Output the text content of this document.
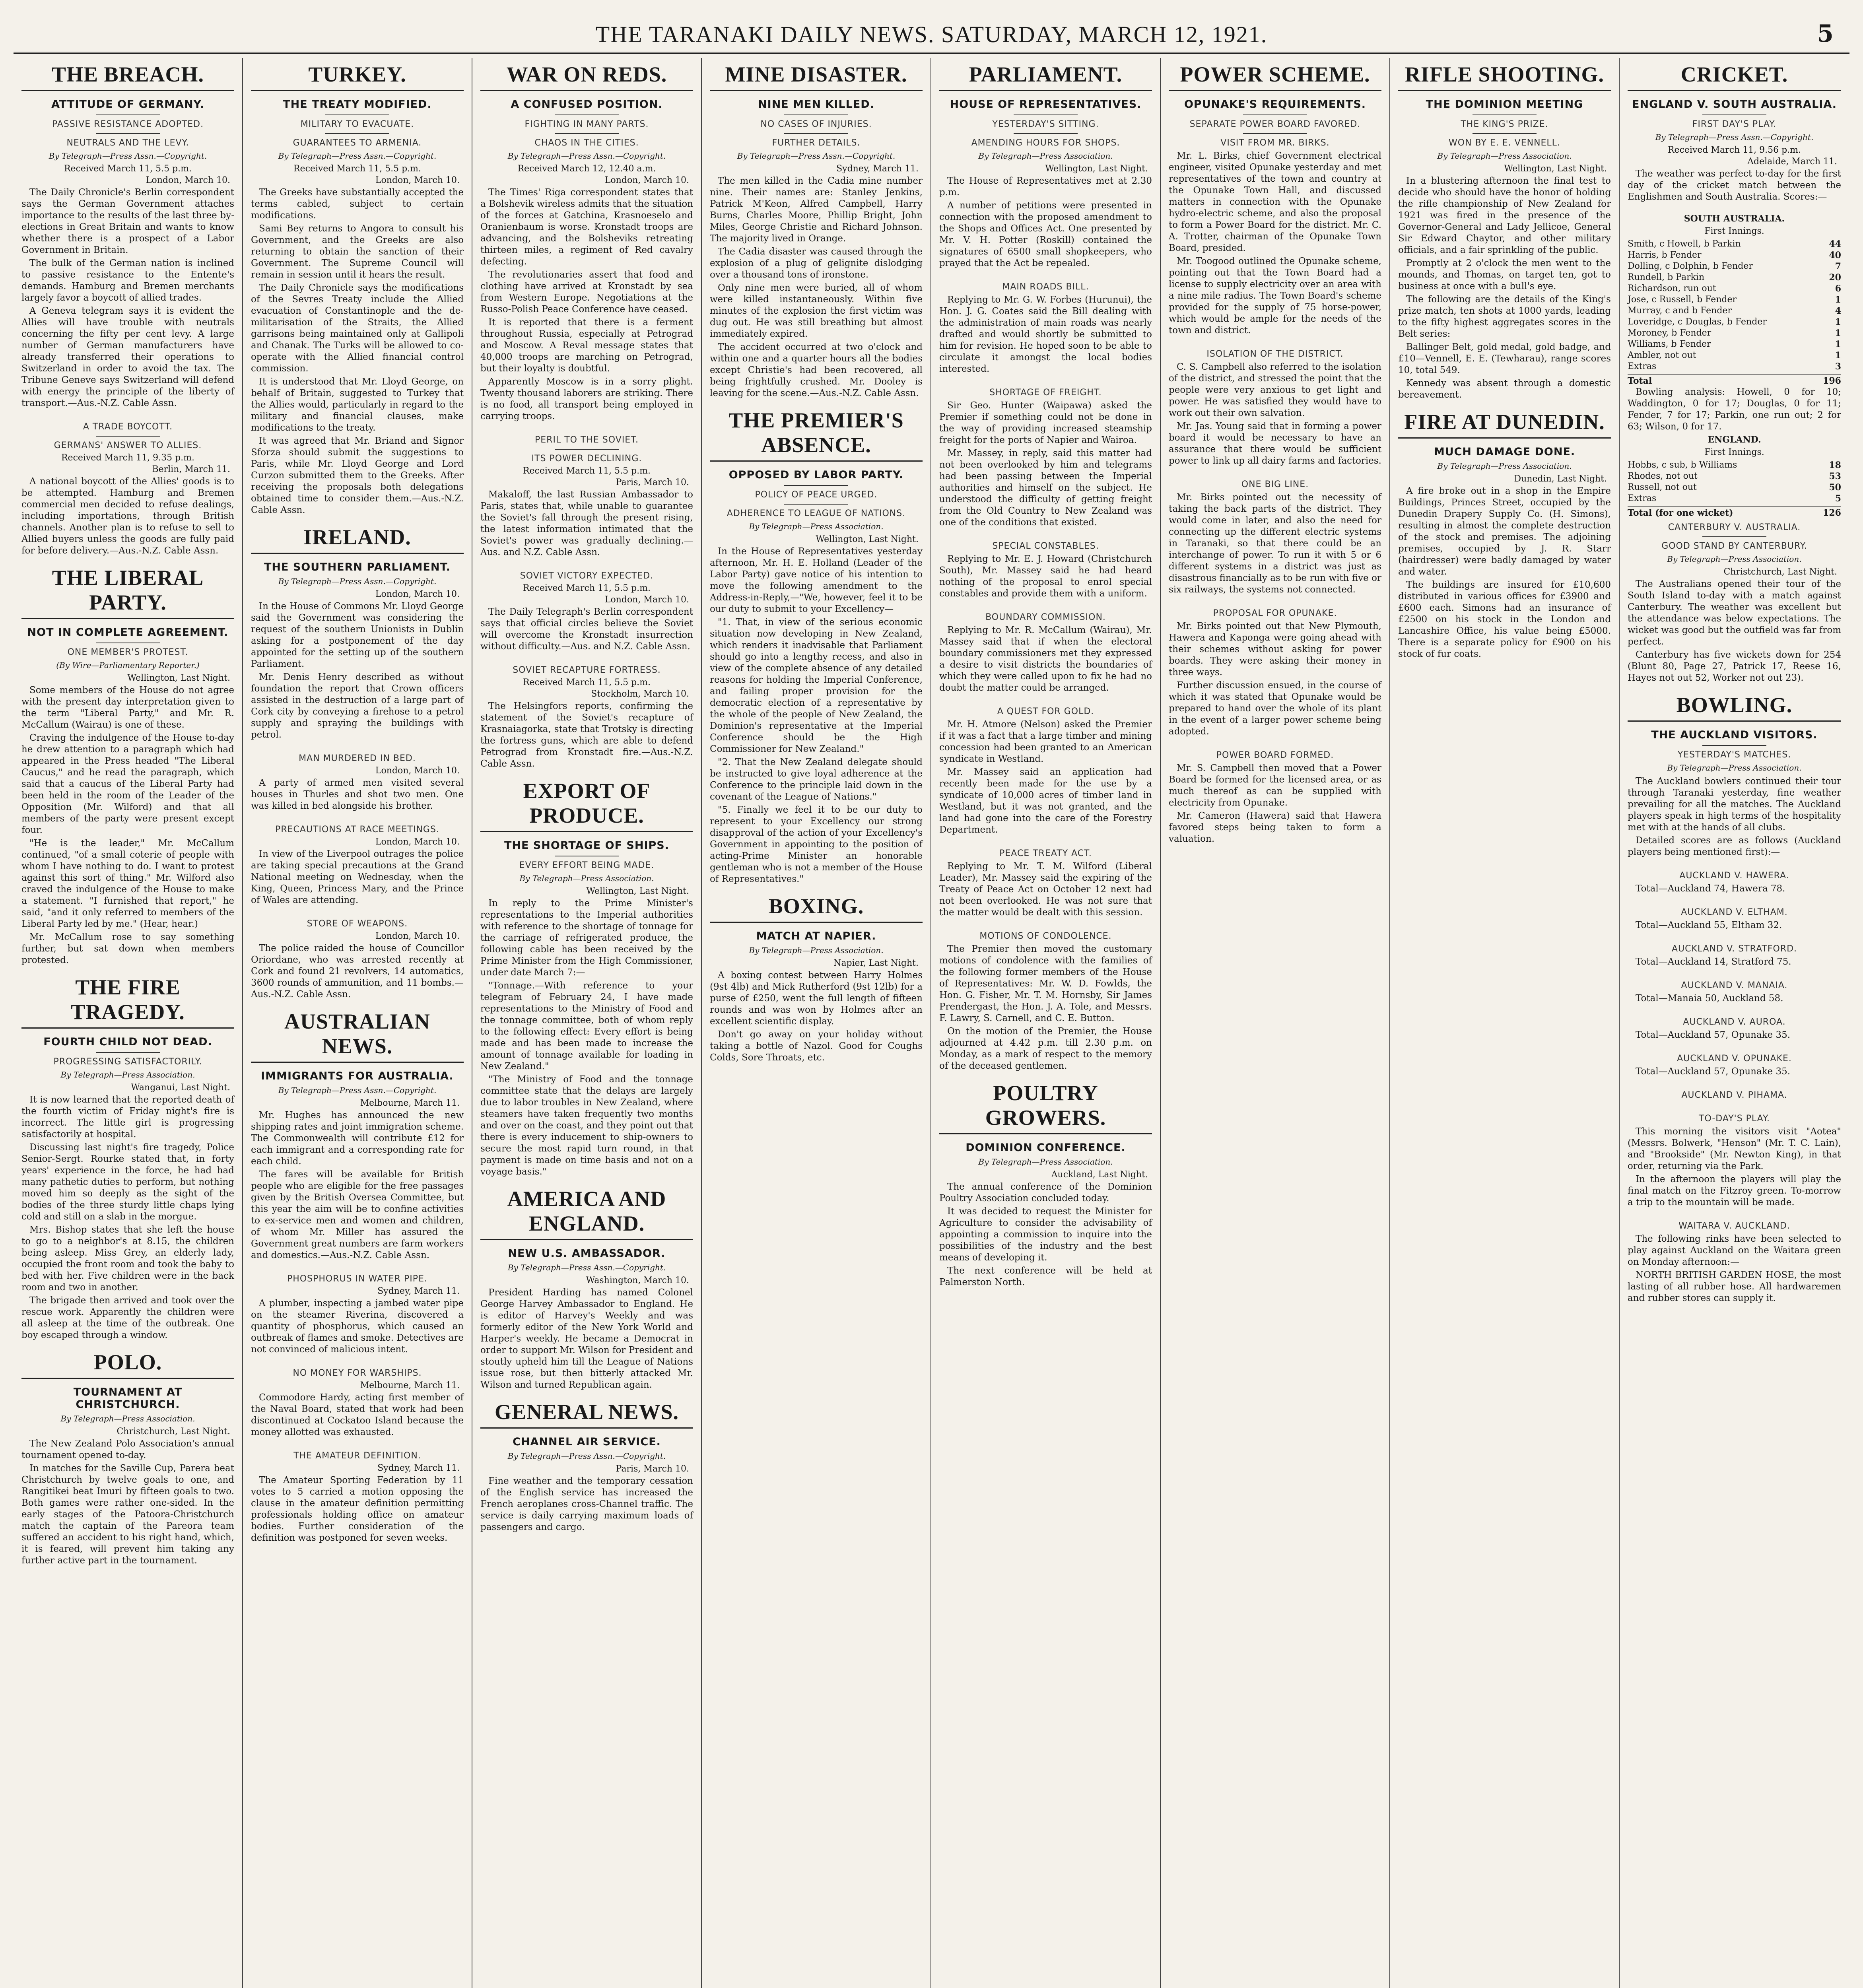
THE TARANAKI DAILY NEWS. SATURDAY, MARCH 12, 1921.	5
THE BREACH.
ATTITUDE OF GERMANY.
PASSIVE RESISTANCE ADOPTED.
NEUTRALS AND THE LEVY.
By Telegraph—Press Assn.—Copyright.
Received March 11, 5.5 p.m.
London, March 10.

The Daily Chronicle's Berlin correspondent says the German Government attaches importance to the results of the last three by-elections in Great Britain and wants to know whether there is a prospect of a Labor Government in Britain.

The bulk of the German nation is inclined to passive resistance to the Entente's demands. Hamburg and Bremen merchants largely favor a boycott of allied trades.

A Geneva telegram says it is evident the Allies will have trouble with neutrals concerning the fifty per cent levy. A large number of German manufacturers have already transferred their operations to Switzerland in order to avoid the tax. The Tribune Geneve says Switzerland will defend with energy the principle of the liberty of transport.—Aus.-N.Z. Cable Assn.

A TRADE BOYCOTT.
GERMANS' ANSWER TO ALLIES.
Received March 11, 9.35 p.m.
Berlin, March 11.

A national boycott of the Allies' goods is to be attempted. Hamburg and Bremen commercial men decided to refuse dealings, including importations, through British channels. Another plan is to refuse to sell to Allied buyers unless the goods are fully paid for before delivery.—Aus.-N.Z. Cable Assn.

THE LIBERAL PARTY.
NOT IN COMPLETE AGREEMENT.
ONE MEMBER'S PROTEST.
(By Wire—Parliamentary Reporter.)
Wellington, Last Night.

Some members of the House do not agree with the present day interpretation given to the term "Liberal Party," and Mr. R. McCallum (Wairau) is one of these.

Craving the indulgence of the House to-day he drew attention to a paragraph which had appeared in the Press headed "The Liberal Caucus," and he read the paragraph, which said that a caucus of the Liberal Party had been held in the room of the Leader of the Opposition (Mr. Wilford) and that all members of the party were present except four.

"He is the leader," Mr. McCallum continued, "of a small coterie of people with whom I have nothing to do. I want to protest against this sort of thing." Mr. Wilford also craved the indulgence of the House to make a statement. "I furnished that report," he said, "and it only referred to members of the Liberal Party led by me." (Hear, hear.)

Mr. McCallum rose to say something further, but sat down when members protested.

THE FIRE TRAGEDY.
FOURTH CHILD NOT DEAD.
PROGRESSING SATISFACTORILY.
By Telegraph—Press Association.
Wanganui, Last Night.

It is now learned that the reported death of the fourth victim of Friday night's fire is incorrect. The little girl is progressing satisfactorily at hospital.

Discussing last night's fire tragedy, Police Senior-Sergt. Rourke stated that, in forty years' experience in the force, he had had many pathetic duties to perform, but nothing moved him so deeply as the sight of the bodies of the three sturdy little chaps lying cold and still on a slab in the morgue.

Mrs. Bishop states that she left the house to go to a neighbor's at 8.15, the children being asleep. Miss Grey, an elderly lady, occupied the front room and took the baby to bed with her. Five children were in the back room and two in another.

The brigade then arrived and took over the rescue work. Apparently the children were all asleep at the time of the outbreak. One boy escaped through a window.

POLO.
TOURNAMENT AT CHRISTCHURCH.
By Telegraph—Press Association.
Christchurch, Last Night.

The New Zealand Polo Association's annual tournament opened to-day.

In matches for the Saville Cup, Parera beat Christchurch by twelve goals to one, and Rangitikei beat Imuri by fifteen goals to two. Both games were rather one-sided. In the early stages of the Patoora-Christchurch match the captain of the Pareora team suffered an accident to his right hand, which, it is feared, will prevent him taking any further active part in the tournament.

TURKEY.
THE TREATY MODIFIED.
MILITARY TO EVACUATE.
GUARANTEES TO ARMENIA.
By Telegraph—Press Assn.—Copyright.
Received March 11, 5.5 p.m.
London, March 10.

The Greeks have substantially accepted the terms cabled, subject to certain modifications.

Sami Bey returns to Angora to consult his Government, and the Greeks are also returning to obtain the sanction of their Government. The Supreme Council will remain in session until it hears the result.

The Daily Chronicle says the modifications of the Sevres Treaty include the Allied evacuation of Constantinople and the de-militarisation of the Straits, the Allied garrisons being maintained only at Gallipoli and Chanak. The Turks will be allowed to co-operate with the Allied financial control commission.

It is understood that Mr. Lloyd George, on behalf of Britain, suggested to Turkey that the Allies would, particularly in regard to the military and financial clauses, make modifications to the treaty.

It was agreed that Mr. Briand and Signor Sforza should submit the suggestions to Paris, while Mr. Lloyd George and Lord Curzon submitted them to the Greeks. After receiving the proposals both delegations obtained time to consider them.—Aus.-N.Z. Cable Assn.

IRELAND.
THE SOUTHERN PARLIAMENT.
By Telegraph—Press Assn.—Copyright.
London, March 10.

In the House of Commons Mr. Lloyd George said the Government was considering the request of the southern Unionists in Dublin asking for a postponement of the day appointed for the setting up of the southern Parliament.

Mr. Denis Henry described as without foundation the report that Crown officers assisted in the destruction of a large part of Cork city by conveying a firehose to a petrol supply and spraying the buildings with petrol.

MAN MURDERED IN BED.
London, March 10.

A party of armed men visited several houses in Thurles and shot two men. One was killed in bed alongside his brother.

PRECAUTIONS AT RACE MEETINGS.
London, March 10.

In view of the Liverpool outrages the police are taking special precautions at the Grand National meeting on Wednesday, when the King, Queen, Princess Mary, and the Prince of Wales are attending.

STORE OF WEAPONS.
London, March 10.

The police raided the house of Councillor Oriordane, who was arrested recently at Cork and found 21 revolvers, 14 automatics, 3600 rounds of ammunition, and 11 bombs.—Aus.-N.Z. Cable Assn.

AUSTRALIAN NEWS.
IMMIGRANTS FOR AUSTRALIA.
By Telegraph—Press Assn.—Copyright.
Melbourne, March 11.

Mr. Hughes has announced the new shipping rates and joint immigration scheme. The Commonwealth will contribute £12 for each immigrant and a corresponding rate for each child.

The fares will be available for British people who are eligible for the free passages given by the British Oversea Committee, but this year the aim will be to confine activities to ex-service men and women and children, of whom Mr. Miller has assured the Government great numbers are farm workers and domestics.—Aus.-N.Z. Cable Assn.

PHOSPHORUS IN WATER PIPE.
Sydney, March 11.

A plumber, inspecting a jambed water pipe on the steamer Riverina, discovered a quantity of phosphorus, which caused an outbreak of flames and smoke. Detectives are not convinced of malicious intent.

NO MONEY FOR WARSHIPS.
Melbourne, March 11.

Commodore Hardy, acting first member of the Naval Board, stated that work had been discontinued at Cockatoo Island because the money allotted was exhausted.

THE AMATEUR DEFINITION.
Sydney, March 11.

The Amateur Sporting Federation by 11 votes to 5 carried a motion opposing the clause in the amateur definition permitting professionals holding office on amateur bodies. Further consideration of the definition was postponed for seven weeks.

WAR ON REDS.
A CONFUSED POSITION.
FIGHTING IN MANY PARTS.
CHAOS IN THE CITIES.
By Telegraph—Press Assn.—Copyright.
Received March 12, 12.40 a.m.
London, March 10.

The Times' Riga correspondent states that a Bolshevik wireless admits that the situation of the forces at Gatchina, Krasnoeselo and Oranienbaum is worse. Kronstadt troops are advancing, and the Bolsheviks retreating thirteen miles, a regiment of Red cavalry defecting.

The revolutionaries assert that food and clothing have arrived at Kronstadt by sea from Western Europe. Negotiations at the Russo-Polish Peace Conference have ceased.

It is reported that there is a ferment throughout Russia, especially at Petrograd and Moscow. A Reval message states that 40,000 troops are marching on Petrograd, but their loyalty is doubtful.

Apparently Moscow is in a sorry plight. Twenty thousand laborers are striking. There is no food, all transport being employed in carrying troops.

PERIL TO THE SOVIET.
ITS POWER DECLINING.
Received March 11, 5.5 p.m.
Paris, March 10.

Makaloff, the last Russian Ambassador to Paris, states that, while unable to guarantee the Soviet's fall through the present rising, the latest information intimated that the Soviet's power was gradually declining.—Aus. and N.Z. Cable Assn.

SOVIET VICTORY EXPECTED.
Received March 11, 5.5 p.m.
London, March 10.

The Daily Telegraph's Berlin correspondent says that official circles believe the Soviet will overcome the Kronstadt insurrection without difficulty.—Aus. and N.Z. Cable Assn.

SOVIET RECAPTURE FORTRESS.
Received March 11, 5.5 p.m.
Stockholm, March 10.

The Helsingfors reports, confirming the statement of the Soviet's recapture of Krasnaiagorka, state that Trotsky is directing the fortress guns, which are able to defend Petrograd from Kronstadt fire.—Aus.-N.Z. Cable Assn.

EXPORT OF PRODUCE.
THE SHORTAGE OF SHIPS.
EVERY EFFORT BEING MADE.
By Telegraph—Press Association.
Wellington, Last Night.

In reply to the Prime Minister's representations to the Imperial authorities with reference to the shortage of tonnage for the carriage of refrigerated produce, the following cable has been received by the Prime Minister from the High Commissioner, under date March 7:—

"Tonnage.—With reference to your telegram of February 24, I have made representations to the Ministry of Food and the tonnage committee, both of whom reply to the following effect: Every effort is being made and has been made to increase the amount of tonnage available for loading in New Zealand."

"The Ministry of Food and the tonnage committee state that the delays are largely due to labor troubles in New Zealand, where steamers have taken frequently two months and over on the coast, and they point out that there is every inducement to ship-owners to secure the most rapid turn round, in that payment is made on time basis and not on a voyage basis."

AMERICA AND ENGLAND.
NEW U.S. AMBASSADOR.
By Telegraph—Press Assn.—Copyright.
Washington, March 10.

President Harding has named Colonel George Harvey Ambassador to England. He is editor of Harvey's Weekly and was formerly editor of the New York World and Harper's weekly. He became a Democrat in order to support Mr. Wilson for President and stoutly upheld him till the League of Nations issue rose, but then bitterly attacked Mr. Wilson and turned Republican again.

GENERAL NEWS.
CHANNEL AIR SERVICE.
By Telegraph—Press Assn.—Copyright.
Paris, March 10.

Fine weather and the temporary cessation of the English service has increased the French aeroplanes cross-Channel traffic. The service is daily carrying maximum loads of passengers and cargo.

MINE DISASTER.
NINE MEN KILLED.
NO CASES OF INJURIES.
FURTHER DETAILS.
By Telegraph—Press Assn.—Copyright.
Sydney, March 11.

The men killed in the Cadia mine number nine. Their names are: Stanley Jenkins, Patrick M'Keon, Alfred Campbell, Harry Burns, Charles Moore, Phillip Bright, John Miles, George Christie and Richard Johnson. The majority lived in Orange.

The Cadia disaster was caused through the explosion of a plug of gelignite dislodging over a thousand tons of ironstone.

Only nine men were buried, all of whom were killed instantaneously. Within five minutes of the explosion the first victim was dug out. He was still breathing but almost immediately expired.

The accident occurred at two o'clock and within one and a quarter hours all the bodies except Christie's had been recovered, all being frightfully crushed. Mr. Dooley is leaving for the scene.—Aus.-N.Z. Cable Assn.

THE PREMIER'S ABSENCE.
OPPOSED BY LABOR PARTY.
POLICY OF PEACE URGED.
ADHERENCE TO LEAGUE OF NATIONS.
By Telegraph—Press Association.
Wellington, Last Night.

In the House of Representatives yesterday afternoon, Mr. H. E. Holland (Leader of the Labor Party) gave notice of his intention to move the following amendment to the Address-in-Reply,—"We, however, feel it to be our duty to submit to your Excellency—

"1. That, in view of the serious economic situation now developing in New Zealand, which renders it inadvisable that Parliament should go into a lengthy recess, and also in view of the complete absence of any detailed reasons for holding the Imperial Conference, and failing proper provision for the democratic election of a representative by the whole of the people of New Zealand, the Dominion's representative at the Imperial Conference should be the High Commissioner for New Zealand."

"2. That the New Zealand delegate should be instructed to give loyal adherence at the Conference to the principle laid down in the covenant of the League of Nations."

"5. Finally we feel it to be our duty to represent to your Excellency our strong disapproval of the action of your Excellency's Government in appointing to the position of acting-Prime Minister an honorable gentleman who is not a member of the House of Representatives."

BOXING.
MATCH AT NAPIER.
By Telegraph—Press Association.
Napier, Last Night.

A boxing contest between Harry Holmes (9st 4lb) and Mick Rutherford (9st 12lb) for a purse of £250, went the full length of fifteen rounds and was won by Holmes after an excellent scientific display.

Don't go away on your holiday without taking a bottle of Nazol. Good for Coughs Colds, Sore Throats, etc.

PARLIAMENT.
HOUSE OF REPRESENTATIVES.
YESTERDAY'S SITTING.
AMENDING HOURS FOR SHOPS.
By Telegraph—Press Association.
Wellington, Last Night.

The House of Representatives met at 2.30 p.m.

A number of petitions were presented in connection with the proposed amendment to the Shops and Offices Act. One presented by Mr. V. H. Potter (Roskill) contained the signatures of 6500 small shopkeepers, who prayed that the Act be repealed.

MAIN ROADS BILL.

Replying to Mr. G. W. Forbes (Hurunui), the Hon. J. G. Coates said the Bill dealing with the administration of main roads was nearly drafted and would shortly be submitted to him for revision. He hoped soon to be able to circulate it amongst the local bodies interested.

SHORTAGE OF FREIGHT.

Sir Geo. Hunter (Waipawa) asked the Premier if something could not be done in the way of providing increased steamship freight for the ports of Napier and Wairoa.

Mr. Massey, in reply, said this matter had not been overlooked by him and telegrams had been passing between the Imperial authorities and himself on the subject. He understood the difficulty of getting freight from the Old Country to New Zealand was one of the conditions that existed.

SPECIAL CONSTABLES.

Replying to Mr. E. J. Howard (Christchurch South), Mr. Massey said he had heard nothing of the proposal to enrol special constables and provide them with a uniform.

BOUNDARY COMMISSION.

Replying to Mr. R. McCallum (Wairau), Mr. Massey said that if when the electoral boundary commissioners met they expressed a desire to visit districts the boundaries of which they were called upon to fix he had no doubt the matter could be arranged.

A QUEST FOR GOLD.

Mr. H. Atmore (Nelson) asked the Premier if it was a fact that a large timber and mining concession had been granted to an American syndicate in Westland.

Mr. Massey said an application had recently been made for the use by a syndicate of 10,000 acres of timber land in Westland, but it was not granted, and the land had gone into the care of the Forestry Department.

PEACE TREATY ACT.

Replying to Mr. T. M. Wilford (Liberal Leader), Mr. Massey said the expiring of the Treaty of Peace Act on October 12 next had not been overlooked. He was not sure that the matter would be dealt with this session.

MOTIONS OF CONDOLENCE.

The Premier then moved the customary motions of condolence with the families of the following former members of the House of Representatives: Mr. W. D. Fowlds, the Hon. G. Fisher, Mr. T. M. Hornsby, Sir James Prendergast, the Hon. J. A. Tole, and Messrs. F. Lawry, S. Carnell, and C. E. Button.

On the motion of the Premier, the House adjourned at 4.42 p.m. till 2.30 p.m. on Monday, as a mark of respect to the memory of the deceased gentlemen.

POULTRY GROWERS.
DOMINION CONFERENCE.
By Telegraph—Press Association.
Auckland, Last Night.

The annual conference of the Dominion Poultry Association concluded today.

It was decided to request the Minister for Agriculture to consider the advisability of appointing a commission to inquire into the possibilities of the industry and the best means of developing it.

The next conference will be held at Palmerston North.

POWER SCHEME.
OPUNAKE'S REQUIREMENTS.
SEPARATE POWER BOARD FAVORED.
VISIT FROM MR. BIRKS.

Mr. L. Birks, chief Government electrical engineer, visited Opunake yesterday and met representatives of the town and country at the Opunake Town Hall, and discussed matters in connection with the Opunake hydro-electric scheme, and also the proposal to form a Power Board for the district. Mr. C. A. Trotter, chairman of the Opunake Town Board, presided.

Mr. Toogood outlined the Opunake scheme, pointing out that the Town Board had a license to supply electricity over an area with a nine mile radius. The Town Board's scheme provided for the supply of 75 horse-power, which would be ample for the needs of the town and district.

ISOLATION OF THE DISTRICT.

C. S. Campbell also referred to the isolation of the district, and stressed the point that the people were very anxious to get light and power. He was satisfied they would have to work out their own salvation.

Mr. Jas. Young said that in forming a power board it would be necessary to have an assurance that there would be sufficient power to link up all dairy farms and factories.

ONE BIG LINE.

Mr. Birks pointed out the necessity of taking the back parts of the district. They would come in later, and also the need for connecting up the different electric systems in Taranaki, so that there could be an interchange of power. To run it with 5 or 6 different systems in a district was just as disastrous financially as to be run with five or six railways, the systems not connected.

PROPOSAL FOR OPUNAKE.

Mr. Birks pointed out that New Plymouth, Hawera and Kaponga were going ahead with their schemes without asking for power boards. They were asking their money in three ways.

Further discussion ensued, in the course of which it was stated that Opunake would be prepared to hand over the whole of its plant in the event of a larger power scheme being adopted.

POWER BOARD FORMED.

Mr. S. Campbell then moved that a Power Board be formed for the licensed area, or as much thereof as can be supplied with electricity from Opunake.

Mr. Cameron (Hawera) said that Hawera favored steps being taken to form a valuation.

RIFLE SHOOTING.
THE DOMINION MEETING
THE KING'S PRIZE.
WON BY E. E. VENNELL.
By Telegraph—Press Association.
Wellington, Last Night.

In a blustering afternoon the final test to decide who should have the honor of holding the rifle championship of New Zealand for 1921 was fired in the presence of the Governor-General and Lady Jellicoe, General Sir Edward Chaytor, and other military officials, and a fair sprinkling of the public.

Promptly at 2 o'clock the men went to the mounds, and Thomas, on target ten, got to business at once with a bull's eye.

The following are the details of the King's prize match, ten shots at 1000 yards, leading to the fifty highest aggregates scores in the Belt series:

Ballinger Belt, gold medal, gold badge, and £10—Vennell, E. E. (Tewharau), range scores 10, total 549.

Kennedy was absent through a domestic bereavement.

FIRE AT DUNEDIN.
MUCH DAMAGE DONE.
By Telegraph—Press Association.
Dunedin, Last Night.

A fire broke out in a shop in the Empire Buildings, Princes Street, occupied by the Dunedin Drapery Supply Co. (H. Simons), resulting in almost the complete destruction of the stock and premises. The adjoining premises, occupied by J. R. Starr (hairdresser) were badly damaged by water and water.

The buildings are insured for £10,600 distributed in various offices for £3900 and £600 each. Simons had an insurance of £2500 on his stock in the London and Lancashire Office, his value being £5000. There is a separate policy for £900 on his stock of fur coats.

CRICKET.
ENGLAND V. SOUTH AUSTRALIA.
FIRST DAY'S PLAY.
By Telegraph—Press Assn.—Copyright.
Received March 11, 9.56 p.m.
Adelaide, March 11.

The weather was perfect to-day for the first day of the cricket match between the Englishmen and South Australia. Scores:—

SOUTH AUSTRALIA.
First Innings.
Smith, c Howell, b Parkin	44
Harris, b Fender	40
Dolling, c Dolphin, b Fender	7
Rundell, b Parkin	20
Richardson, run out	6
Jose, c Russell, b Fender	1
Murray, c and b Fender	4
Loveridge, c Douglas, b Fender	1
Moroney, b Fender	1
Williams, b Fender	1
Ambler, not out	1
Extras	3
Total	196

Bowling analysis: Howell, 0 for 10; Waddington, 0 for 17; Douglas, 0 for 11; Fender, 7 for 17; Parkin, one run out; 2 for 63; Wilson, 0 for 17.

ENGLAND.
First Innings.
Hobbs, c sub, b Williams	18
Rhodes, not out	53
Russell, not out	50
Extras	5
Total (for one wicket)	126
CANTERBURY V. AUSTRALIA.
GOOD STAND BY CANTERBURY.
By Telegraph—Press Association.
Christchurch, Last Night.

The Australians opened their tour of the South Island to-day with a match against Canterbury. The weather was excellent but the attendance was below expectations. The wicket was good but the outfield was far from perfect.

Canterbury has five wickets down for 254 (Blunt 80, Page 27, Patrick 17, Reese 16, Hayes not out 52, Worker not out 23).

BOWLING.
THE AUCKLAND VISITORS.
YESTERDAY'S MATCHES.
By Telegraph—Press Association.

The Auckland bowlers continued their tour through Taranaki yesterday, fine weather prevailing for all the matches. The Auckland players speak in high terms of the hospitality met with at the hands of all clubs.

Detailed scores are as follows (Auckland players being mentioned first):—

AUCKLAND V. HAWERA.

Total—Auckland 74, Hawera 78.

AUCKLAND V. ELTHAM.

Total—Auckland 55, Eltham 32.

AUCKLAND V. STRATFORD.

Total—Auckland 14, Stratford 75.

AUCKLAND V. MANAIA.

Total—Manaia 50, Auckland 58.

AUCKLAND V. AUROA.

Total—Auckland 57, Opunake 35.

AUCKLAND V. OPUNAKE.

Total—Auckland 57, Opunake 35.

AUCKLAND V. PIHAMA.
TO-DAY'S PLAY.

This morning the visitors visit "Aotea" (Messrs. Bolwerk, "Henson" (Mr. T. C. Lain), and "Brookside" (Mr. Newton King), in that order, returning via the Park.

In the afternoon the players will play the final match on the Fitzroy green. To-morrow a trip to the mountain will be made.

WAITARA V. AUCKLAND.

The following rinks have been selected to play against Auckland on the Waitara green on Monday afternoon:—

NORTH BRITISH GARDEN HOSE, the most lasting of all rubber hose. All hardwaremen and rubber stores can supply it.
